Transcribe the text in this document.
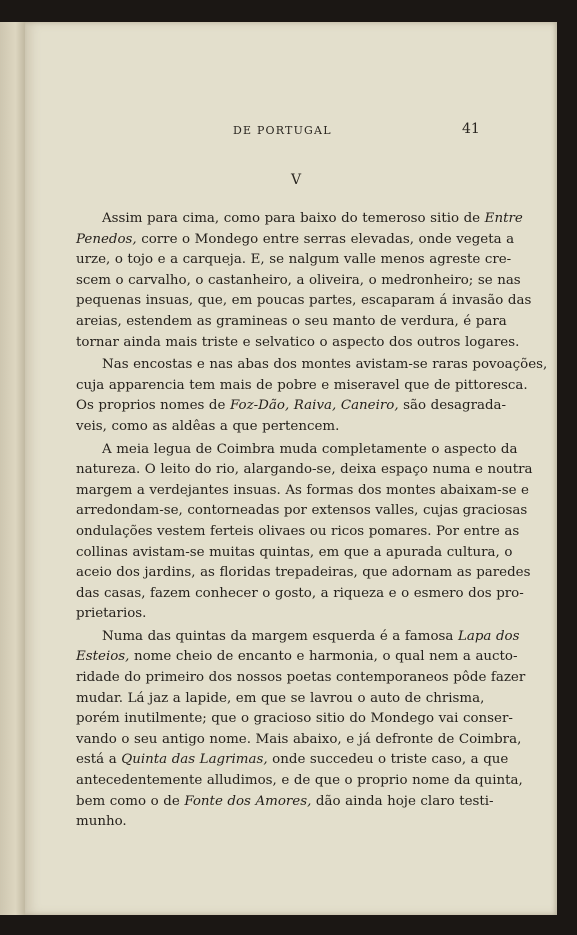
DE PORTUGAL	41
V
Assim para cima, como para baixo do temeroso sitio de Entre
Penedos, corre o Mondego entre serras elevadas, onde vegeta a
urze, o tojo e a carqueja. E, se nalgum valle menos agreste cre-
scem o carvalho, o castanheiro, a oliveira, o medronheiro; se nas
pequenas insuas, que, em poucas partes, escaparam á invasão das
areias, estendem as gramineas o seu manto de verdura, é para
tornar ainda mais triste e selvatico o aspecto dos outros logares.
Nas encostas e nas abas dos montes avistam-se raras povoações,
cuja apparencia tem mais de pobre e miseravel que de pittoresca.
Os proprios nomes de Foz-Dão, Raiva, Caneiro, são desagrada-
veis, como as aldêas a que pertencem.
A meia legua de Coimbra muda completamente o aspecto da
natureza. O leito do rio, alargando-se, deixa espaço numa e noutra
margem a verdejantes insuas. As formas dos montes abaixam-se e
arredondam-se, contorneadas por extensos valles, cujas graciosas
ondulações vestem ferteis olivaes ou ricos pomares. Por entre as
collinas avistam-se muitas quintas, em que a apurada cultura, o
aceio dos jardins, as floridas trepadeiras, que adornam as paredes
das casas, fazem conhecer o gosto, a riqueza e o esmero dos pro-
prietarios.
Numa das quintas da margem esquerda é a famosa Lapa dos
Esteios, nome cheio de encanto e harmonia, o qual nem a aucto-
ridade do primeiro dos nossos poetas contemporaneos pôde fazer
mudar. Lá jaz a lapide, em que se lavrou o auto de chrisma,
porém inutilmente; que o gracioso sitio do Mondego vai conser-
vando o seu antigo nome. Mais abaixo, e já defronte de Coimbra,
está a Quinta das Lagrimas, onde succedeu o triste caso, a que
antecedentemente alludimos, e de que o proprio nome da quinta,
bem como o de Fonte dos Amores, dão ainda hoje claro testi-
munho.
